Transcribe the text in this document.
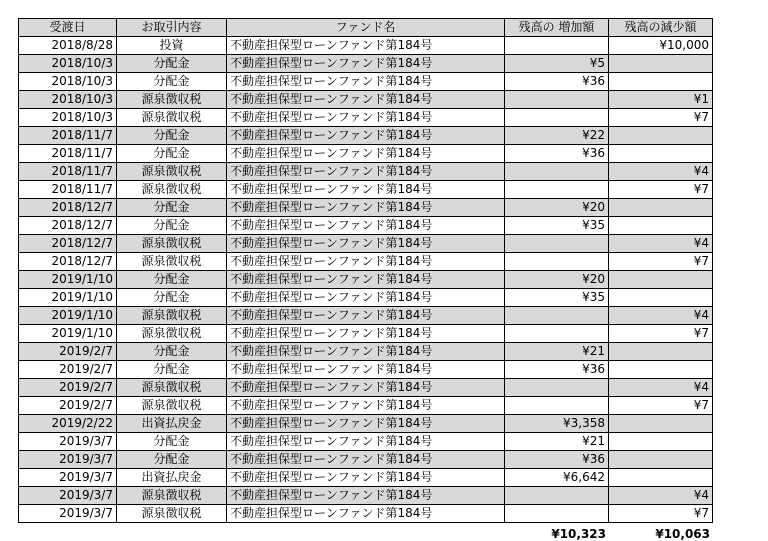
受渡日	お取引内容	ファンド名	残高の 増加額	残高の減少額
2018/8/28	投資	不動産担保型ローンファンド第184号		¥10,000
2018/10/3	分配金	不動産担保型ローンファンド第184号	¥5	
2018/10/3	分配金	不動産担保型ローンファンド第184号	¥36	
2018/10/3	源泉徴収税	不動産担保型ローンファンド第184号		¥1
2018/10/3	源泉徴収税	不動産担保型ローンファンド第184号		¥7
2018/11/7	分配金	不動産担保型ローンファンド第184号	¥22	
2018/11/7	分配金	不動産担保型ローンファンド第184号	¥36	
2018/11/7	源泉徴収税	不動産担保型ローンファンド第184号		¥4
2018/11/7	源泉徴収税	不動産担保型ローンファンド第184号		¥7
2018/12/7	分配金	不動産担保型ローンファンド第184号	¥20	
2018/12/7	分配金	不動産担保型ローンファンド第184号	¥35	
2018/12/7	源泉徴収税	不動産担保型ローンファンド第184号		¥4
2018/12/7	源泉徴収税	不動産担保型ローンファンド第184号		¥7
2019/1/10	分配金	不動産担保型ローンファンド第184号	¥20	
2019/1/10	分配金	不動産担保型ローンファンド第184号	¥35	
2019/1/10	源泉徴収税	不動産担保型ローンファンド第184号		¥4
2019/1/10	源泉徴収税	不動産担保型ローンファンド第184号		¥7
2019/2/7	分配金	不動産担保型ローンファンド第184号	¥21	
2019/2/7	分配金	不動産担保型ローンファンド第184号	¥36	
2019/2/7	源泉徴収税	不動産担保型ローンファンド第184号		¥4
2019/2/7	源泉徴収税	不動産担保型ローンファンド第184号		¥7
2019/2/22	出資払戻金	不動産担保型ローンファンド第184号	¥3,358	
2019/3/7	分配金	不動産担保型ローンファンド第184号	¥21	
2019/3/7	分配金	不動産担保型ローンファンド第184号	¥36	
2019/3/7	出資払戻金	不動産担保型ローンファンド第184号	¥6,642	
2019/3/7	源泉徴収税	不動産担保型ローンファンド第184号		¥4
2019/3/7	源泉徴収税	不動産担保型ローンファンド第184号		¥7
¥10,323	¥10,063
